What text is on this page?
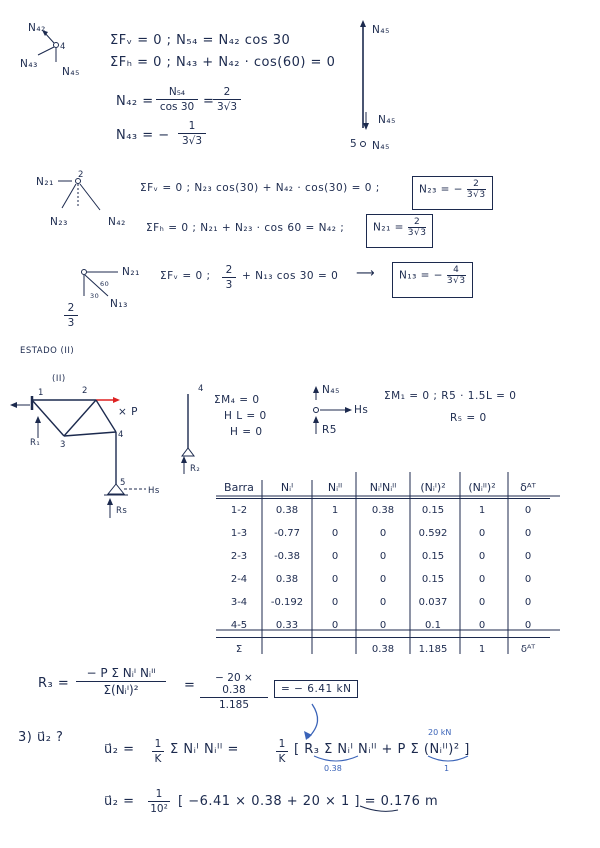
N₄₂
4
N₄₃
N₄₅
ΣFᵥ = 0 ; N₅₄ = N₄₂ cos 30
ΣFₕ = 0 ; N₄₃ + N₄₂ · cos(60) = 0
$N_{42} = \frac{\text{N₅₄}}{\cos 30}$ =
$\frac{2}{3√3}$
N₄₃ = − $\frac{1}{3√3}$
N₄₅
N₄₅
5 N₄₅
N₂₁
2
N₂₃	N₄₂
ΣFᵥ = 0 ; N₂₃ cos(30) + N₄₂ · cos(30) = 0 ;	N₂₃ = − $\frac{2}{3√3}$
ΣFₕ = 0 ; N₂₁ + N₂₃ · cos 60 = N₄₂ ;	$N_{21} = \frac{2}{3√3}$
N₂₁
N₁₃
60
30
$\frac{2}{3}$
ΣFᵥ = 0 ; $\frac{2}{3} + N_{13}$ cos 30 = 0 ⟶	N₁₃ = − $\frac{4}{3√3}$
ESTADO (II)
(II)
1	2
3
4
5
× P
R₁
Hs
Rs
4
R₂
ΣM₄ = 0
H L = 0
H = 0
N₄₅
Hs
R5
ΣM₁ = 0 ; R5 · 1.5L = 0
R₅ = 0
Barra	Nᵢᴵ	Nᵢᴵᴵ	NᵢᴵNᵢᴵᴵ	(Nᵢᴵ)²	(Nᵢᴵᴵ)²	δᴬᵀ
1-2	0.38	1	0.38	0.15	1	0
1-3	-0.77	0	0	0.592	0	0
2-3	-0.38	0	0	0.15	0	0
2-4	0.38	0	0	0.15	0	0
3-4	-0.192	0	0	0.037	0	0
4-5	0.33	0	0	0.1	0	0
Σ			0.38	1.185	1	δᴬᵀ
R₃ =
− P Σ Nᵢᴵ Nᵢᴵᴵ
Σ(Nᵢᴵ)²	= $\frac{- 20 \times 0.38}{1.185}$	= − 6.41 kN
3) u⃗₂ ?
u⃗₂ = $\frac{1}{K}$ Σ Nᵢᴵ Nᵢᴵᴵ =	$\frac{1}{K}$ [ R₃ Σ Nᵢᴵ Nᵢᴵᴵ + P Σ (Nᵢᴵᴵ)² ]
0.38
20 kN
1
u⃗₂ = $\frac{1}{\text{10²}}$ [ −6.41 × 0.38 + 20 × 1 ] = 0.176 m
